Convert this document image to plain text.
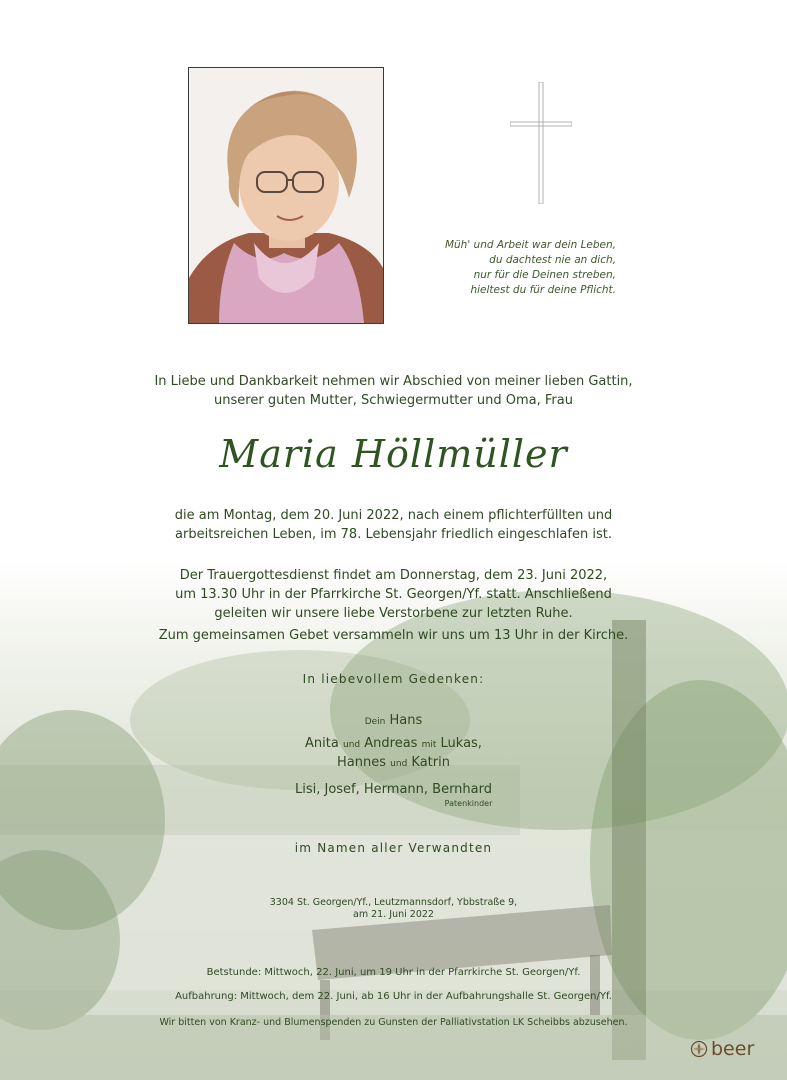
Müh' und Arbeit war dein Leben,
du dachtest nie an dich,
nur für die Deinen streben,
hieltest du für deine Pflicht.
In Liebe und Dankbarkeit nehmen wir Abschied von meiner lieben Gattin,
unserer guten Mutter, Schwiegermutter und Oma, Frau
Maria Höllmüller
die am Montag, dem 20. Juni 2022, nach einem pflichterfüllten und
arbeitsreichen Leben, im 78. Lebensjahr friedlich eingeschlafen ist.
Der Trauergottesdienst findet am Donnerstag, dem 23. Juni 2022,
um 13.30 Uhr in der Pfarrkirche St. Georgen/Yf. statt. Anschließend
geleiten wir unsere liebe Verstorbene zur letzten Ruhe.
Zum gemeinsamen Gebet versammeln wir uns um 13 Uhr in der Kirche.
In liebevollem Gedenken:
Dein Hans
Anita und Andreas mit Lukas,
Hannes und Katrin
Lisi, Josef, Hermann, Bernhard
Patenkinder
im Namen aller Verwandten
3304 St. Georgen/Yf., Leutzmannsdorf, Ybbstraße 9,
am 21. Juni 2022
Betstunde: Mittwoch, 22. Juni, um 19 Uhr in der Pfarrkirche St. Georgen/Yf.
Aufbahrung: Mittwoch, dem 22. Juni, ab 16 Uhr in der Aufbahrungshalle St. Georgen/Yf.
Wir bitten von Kranz- und Blumenspenden zu Gunsten der Palliativstation LK Scheibbs abzusehen.
beer
